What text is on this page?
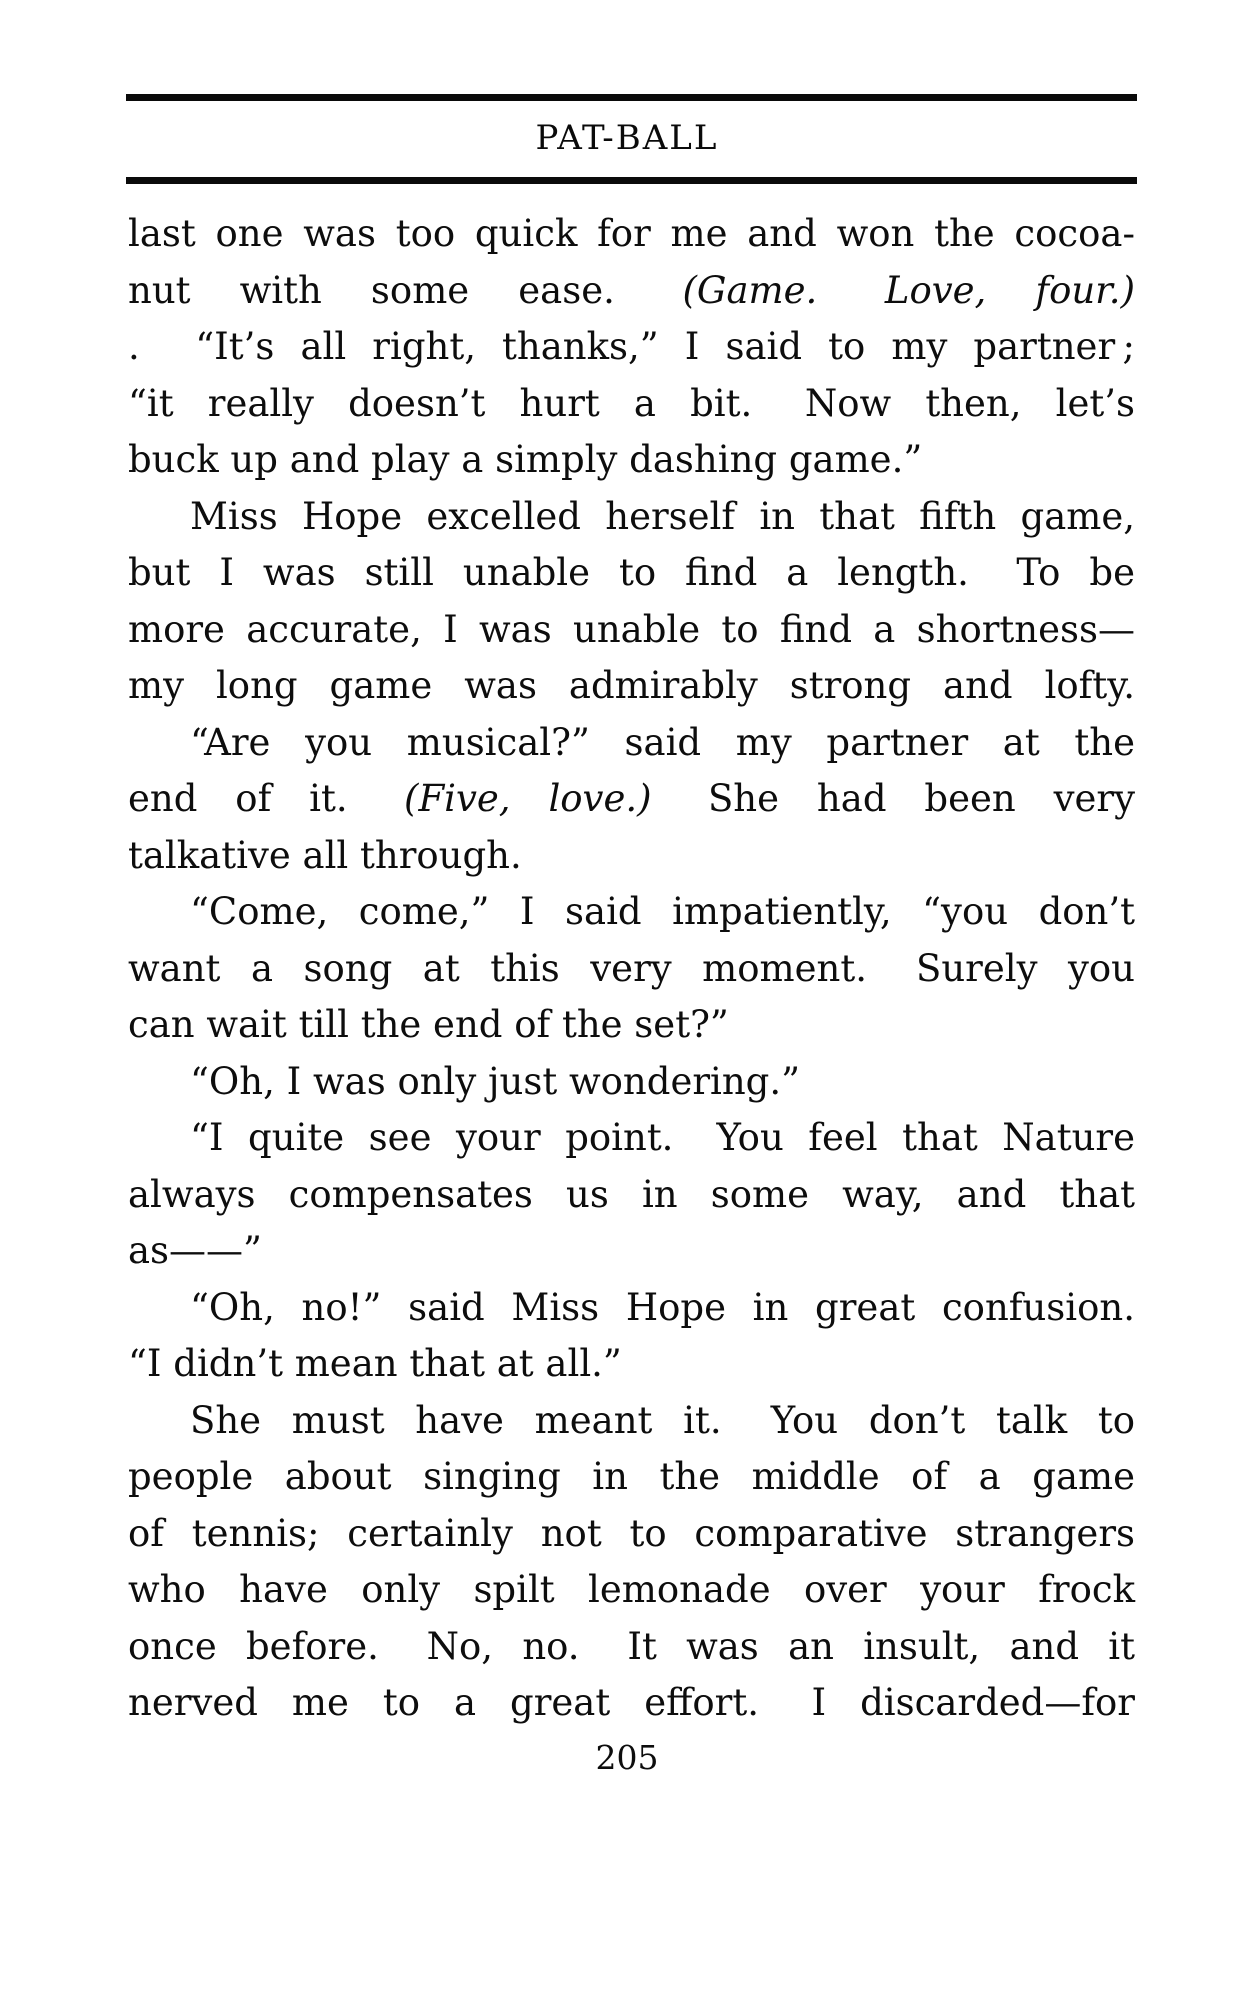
PAT-BALL
last one was too quick for me and won the cocoa-
nut with some ease.  (Game.  Love, four.)
.  “It’s all right, thanks,” I said to my partner ;
“it really doesn’t hurt a bit.  Now then, let’s
buck up and play a simply dashing game.”
Miss Hope excelled herself in that fifth game,
but I was still unable to find a length.  To be
more accurate, I was unable to find a shortness—
my long game was admirably strong and lofty.
“Are you musical?” said my partner at the
end of it.  (Five, love.)  She had been very
talkative all through.
“Come, come,” I said impatiently, “you don’t
want a song at this very moment.  Surely you
can wait till the end of the set?”
“Oh, I was only just wondering.”
“I quite see your point.  You feel that Nature
always compensates us in some way, and that
as——”
“Oh, no!” said Miss Hope in great confusion.
“I didn’t mean that at all.”
She must have meant it.  You don’t talk to
people about singing in the middle of a game
of tennis; certainly not to comparative strangers
who have only spilt lemonade over your frock
once before.  No, no.  It was an insult, and it
nerved me to a great effort.  I discarded—for
205
